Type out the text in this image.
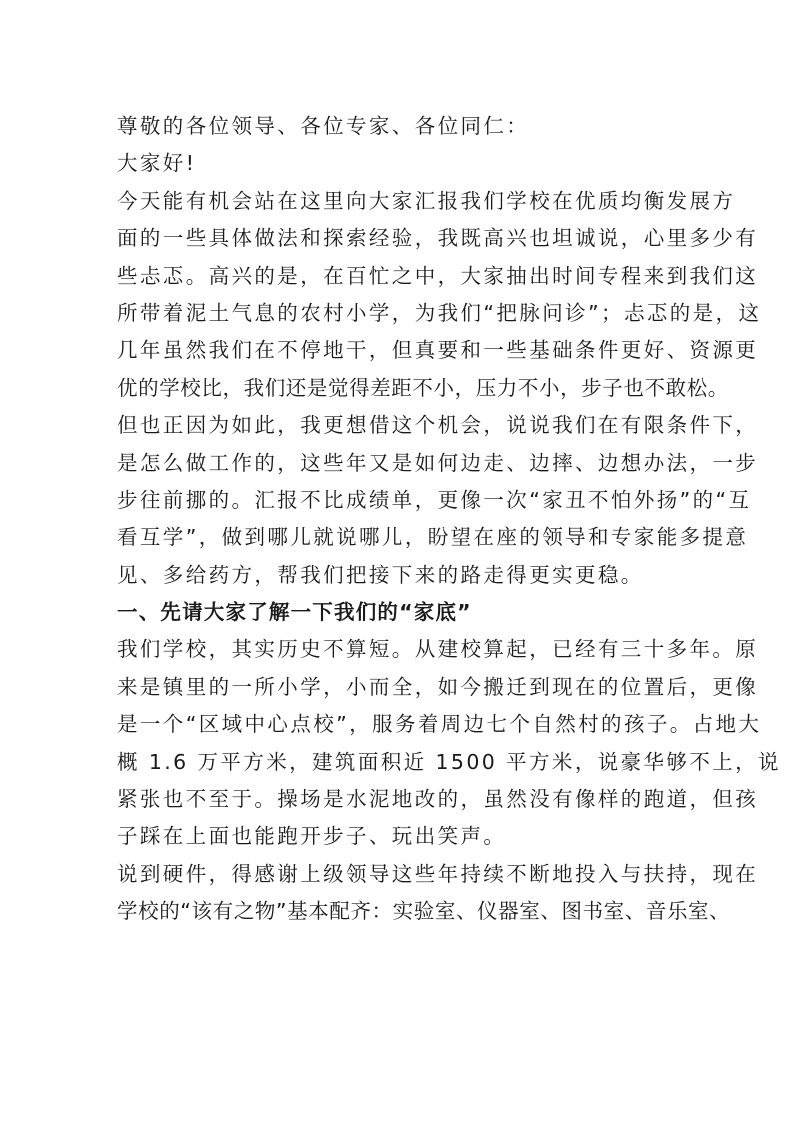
尊敬的各位领导、各位专家、各位同仁：
大家好!
今天能有机会站在这里向大家汇报我们学校在优质均衡发展方
面的一些具体做法和探索经验，我既高兴也坦诚说，心里多少有
些忐忑。高兴的是，在百忙之中，大家抽出时间专程来到我们这
所带着泥土气息的农村小学，为我们“把脉问诊”；忐忑的是，这
几年虽然我们在不停地干，但真要和一些基础条件更好、资源更
优的学校比，我们还是觉得差距不小，压力不小，步子也不敢松。
但也正因为如此，我更想借这个机会，说说我们在有限条件下，
是怎么做工作的，这些年又是如何边走、边摔、边想办法，一步
步往前挪的。汇报不比成绩单，更像一次“家丑不怕外扬”的“互
看互学”，做到哪儿就说哪儿，盼望在座的领导和专家能多提意
见、多给药方，帮我们把接下来的路走得更实更稳。
一、先请大家了解一下我们的“家底”
我们学校，其实历史不算短。从建校算起，已经有三十多年。原
来是镇里的一所小学，小而全，如今搬迁到现在的位置后，更像
是一个“区域中心点校”，服务着周边七个自然村的孩子。占地大
概 1.6 万平方米，建筑面积近 1500 平方米，说豪华够不上，说
紧张也不至于。操场是水泥地改的，虽然没有像样的跑道，但孩
子踩在上面也能跑开步子、玩出笑声。
说到硬件，得感谢上级领导这些年持续不断地投入与扶持，现在
学校的“该有之物”基本配齐：实验室、仪器室、图书室、音乐室、
